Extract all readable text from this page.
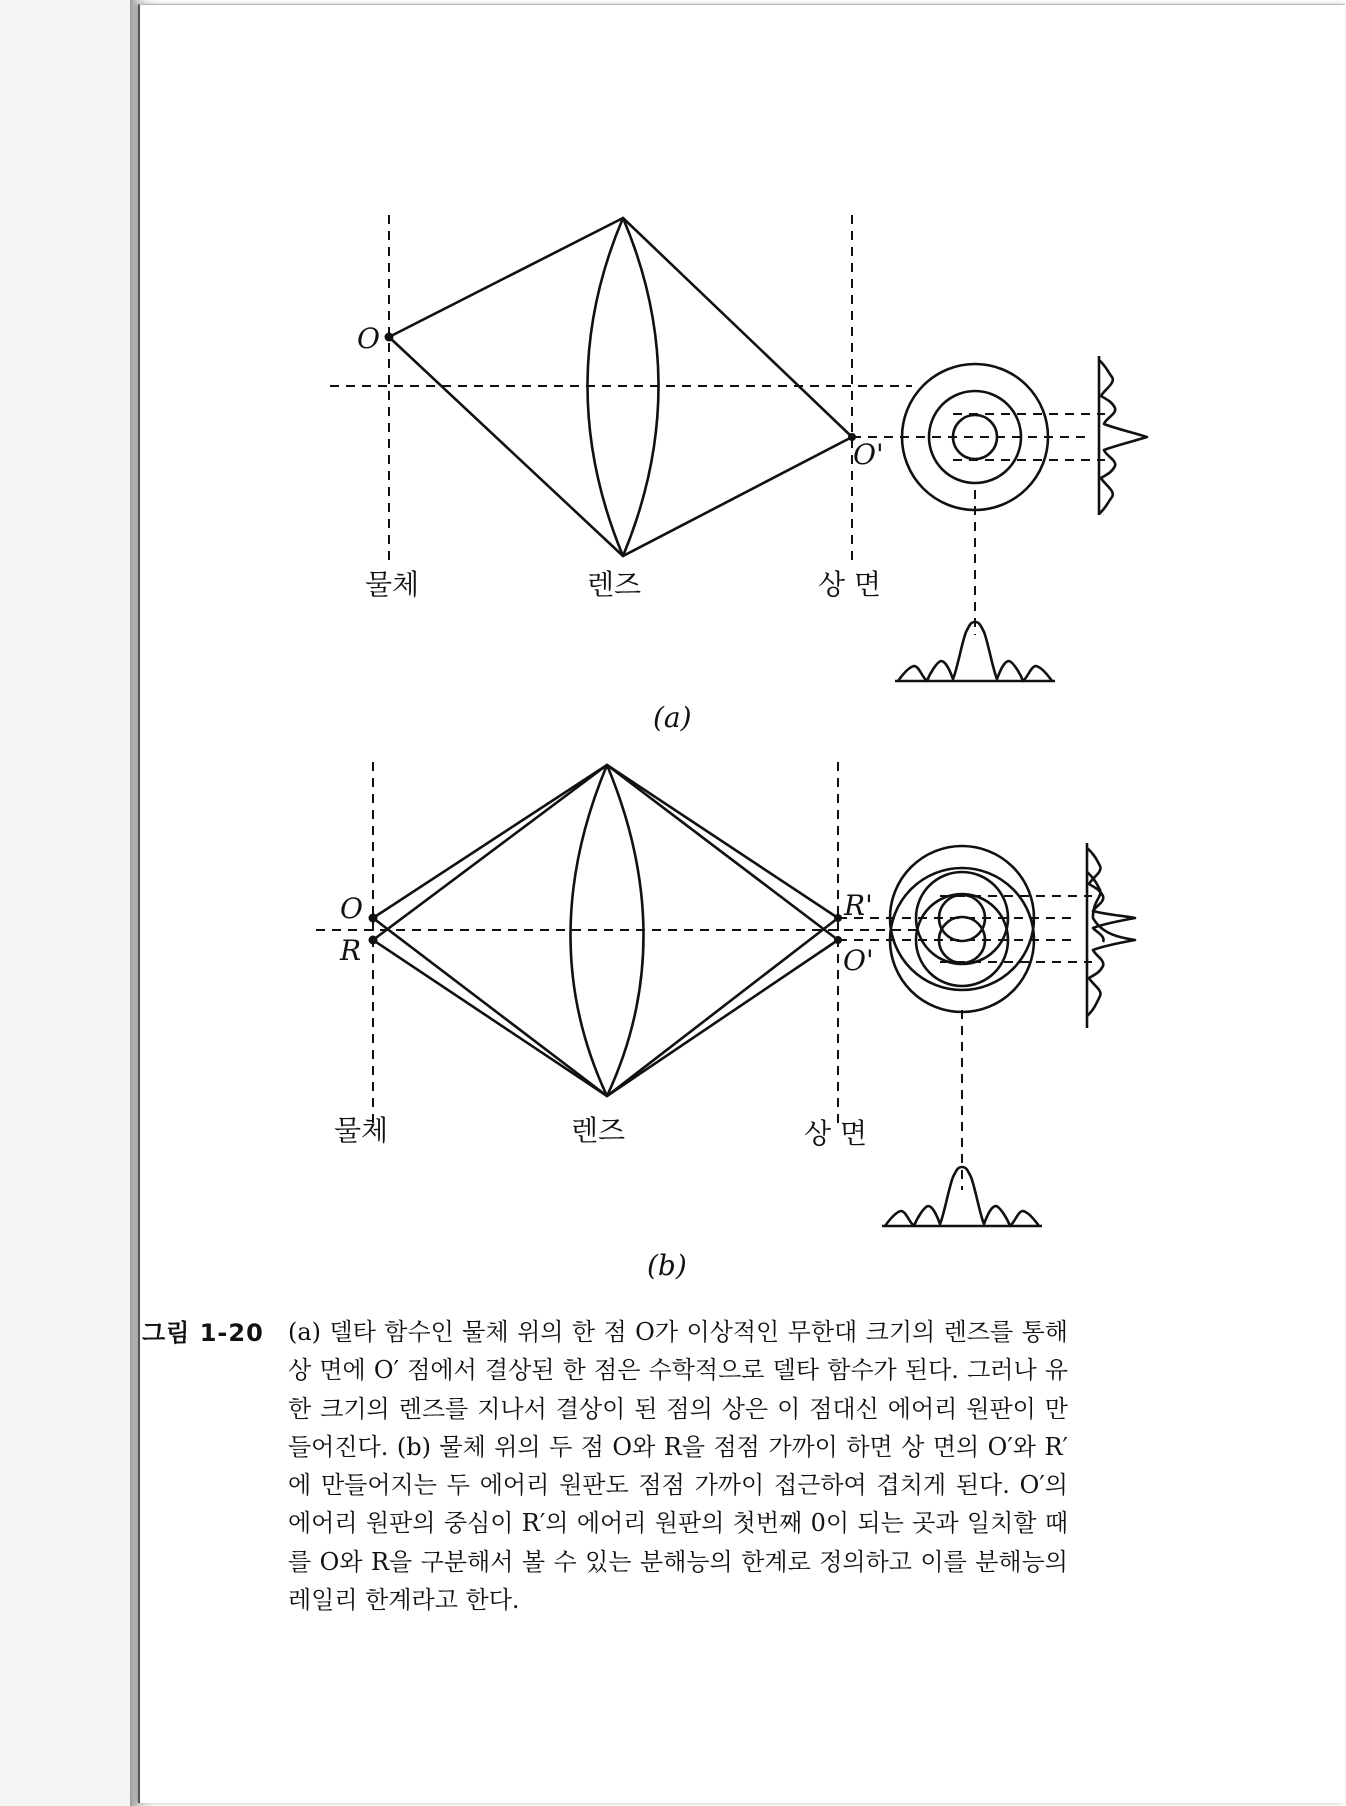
O
O'
물체	렌즈	상 면
(a)
O
R
R'
O'
물체	렌즈	상 면
(b)
그림 1-20 (a) 델타 함수인 물체 위의 한 점 O가 이상적인 무한대 크기의 렌즈를 통해 상 면에 O′ 점에서 결상된 한 점은 수학적으로 델타 함수가 된다. 그러나 유한 크기의 렌즈를 지나서 결상이 된 점의 상은 이 점대신 에어리 원판이 만들어진다. (b) 물체 위의 두 점 O와 R을 점점 가까이 하면 상 면의 O′와 R′에 만들어지는 두 에어리 원판도 점점 가까이 접근하여 겹치게 된다. O′의 에어리 원판의 중심이 R′의 에어리 원판의 첫번째 0이 되는 곳과 일치할 때를 O와 R을 구분해서 볼 수 있는 분해능의 한계로 정의하고 이를 분해능의 레일리 한계라고 한다.
